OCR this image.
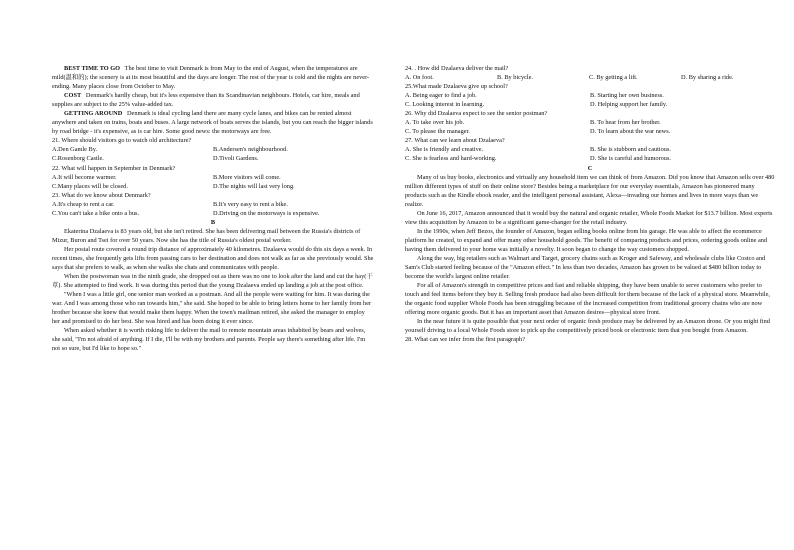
BEST TIME TO GO The best time to visit Denmark is from May to the end of August, when the temperatures are mild(温和的); the scenery is at its most beautiful and the days are longer. The rest of the year is cold and the nights are never-ending. Many places close from October to May.

COST Denmark's hardly cheap, but it's less expensive than its Scandinavian neighbours. Hotels, car hire, meals and supplies are subject to the 25% value-added tax.

GETTING AROUND Denmark is ideal cycling land there are many cycle lanes, and bikes can be rented almost anywhere and taken on trains, boats and buses. A large network of boats serves the islands, but you can reach the bigger islands by road bridge - it's expensive, as is car hire. Some good news: the motorways are free.

21. Where should visitors go to watch old architecture?

A.Den Gamle By.	B.Andersen's neighbourhood.
C.Rosenborg Castle.	D.Tivoli Gardens.

22. What will happen in September in Denmark?

A.It will become warmer.	B.More visitors will come.
C.Many places will be closed.	D.The nights will last very long.

23. What do we know about Denmark?

A.It's cheap to rent a car.	B.It's very easy to rent a bike.
C.You can't take a bike onto a bus.	D.Driving on the motorways is expensive.

B

Ekaterina Dzalaeva is 83 years old, but she isn't retired. She has been delivering mail between the Russia's districts of Mizur, Buron and Tsei for over 50 years. Now she has the title of Russia's oldest postal worker.

Her postal route covered a round trip distance of approximately 40 kilometres. Dzalaeva would do this six days a week. In recent times, she frequently gets lifts from passing cars to her destination and does not walk as far as she previously would. She says that she prefers to walk, as when she walks she chats and communicates with people.

When the postwoman was in the ninth grade, she dropped out as there was no one to look after the land and cut the hay(干草). She attempted to find work. It was during this period that the young Dzalaeva ended up landing a job at the post office.

"When I was a little girl, one senior man worked as a postman. And all the people were waiting for him. It was during the war. And I was among those who ran towards him," she said. She hoped to be able to bring letters home to her family from her brother because she knew that would make them happy. When the town's mailman retired, she asked the manager to employ her and promised to do her best. She was hired and has been doing it ever since.

When asked whether it is worth risking life to deliver the mail to remote mountain areas inhabited by bears and wolves, she said, "I'm not afraid of anything. If I die, I'll be with my brothers and parents. People say there's something after life. I'm not so sure, but I'd like to hope so."

24. . How did Dzalaeva deliver the mail?

A. On foot.	B. By bicycle.	C. By getting a lift.	D. By sharing a ride.

25.What made Dzalaeva give up school?

A. Being eager to find a job.	B. Starting her own business.
C. Looking interest in learning.	D. Helping support her family.

26. Why did Dzalaeva expect to see the senior postman?

A. To take over his job.	B. To hear from her brother.
C. To please the manager.	D. To learn about the war news.

27. What can we learn about Dzalaeva?

A. She is friendly and creative.	B. She is stubborn and cautious.
C. She is fearless and hard-working.	D. She is careful and humorous.

C

Many of us buy books, electronics and virtually any household item we can think of from Amazon. Did you know that Amazon sells over 480 million different types of stuff on their online store? Besides being a marketplace for our everyday essentials, Amazon has pioneered many products such as the Kindle ebook reader, and the intelligent personal assistant, Alexa—invading our homes and lives in more ways than we realize.

On June 16, 2017, Amazon announced that it would buy the natural and organic retailer, Whole Foods Market for $13.7 billion. Most experts view this acquisition by Amazon to be a significant game-changer for the retail industry.

In the 1990s, when Jeff Bezos, the founder of Amazon, began selling books online from his garage. He was able to affect the ecommerce platform he created, to expand and offer many other household goods. The benefit of comparing products and prices, ordering goods online and having them delivered to your home was initially a novelty. It soon began to change the way customers shopped.

Along the way, big retailers such as Walmart and Target, grocery chains such as Kroger and Safeway, and wholesale clubs like Costco and Sam's Club started feeling because of the "Amazon effect." In less than two decades, Amazon has grown to be valued at $480 billion today to become the world's largest online retailer.

For all of Amazon's strength in competitive prices and fast and reliable shipping, they have been unable to serve customers who prefer to touch and feel items before they buy it. Selling fresh produce had also been difficult for them because of the lack of a physical store. Meanwhile, the organic food supplier Whole Foods has been struggling because of the increased competition from traditional grocery chains who are now offering more organic goods. But it has an important asset that Amazon desires—physical store front.

In the near future it is quite possible that your next order of organic fresh produce may be delivered by an Amazon drone. Or you might find yourself driving to a local Whole Foods store to pick up the competitively priced book or electronic item that you bought from Amazon.

28. What can we infer from the first paragraph?
